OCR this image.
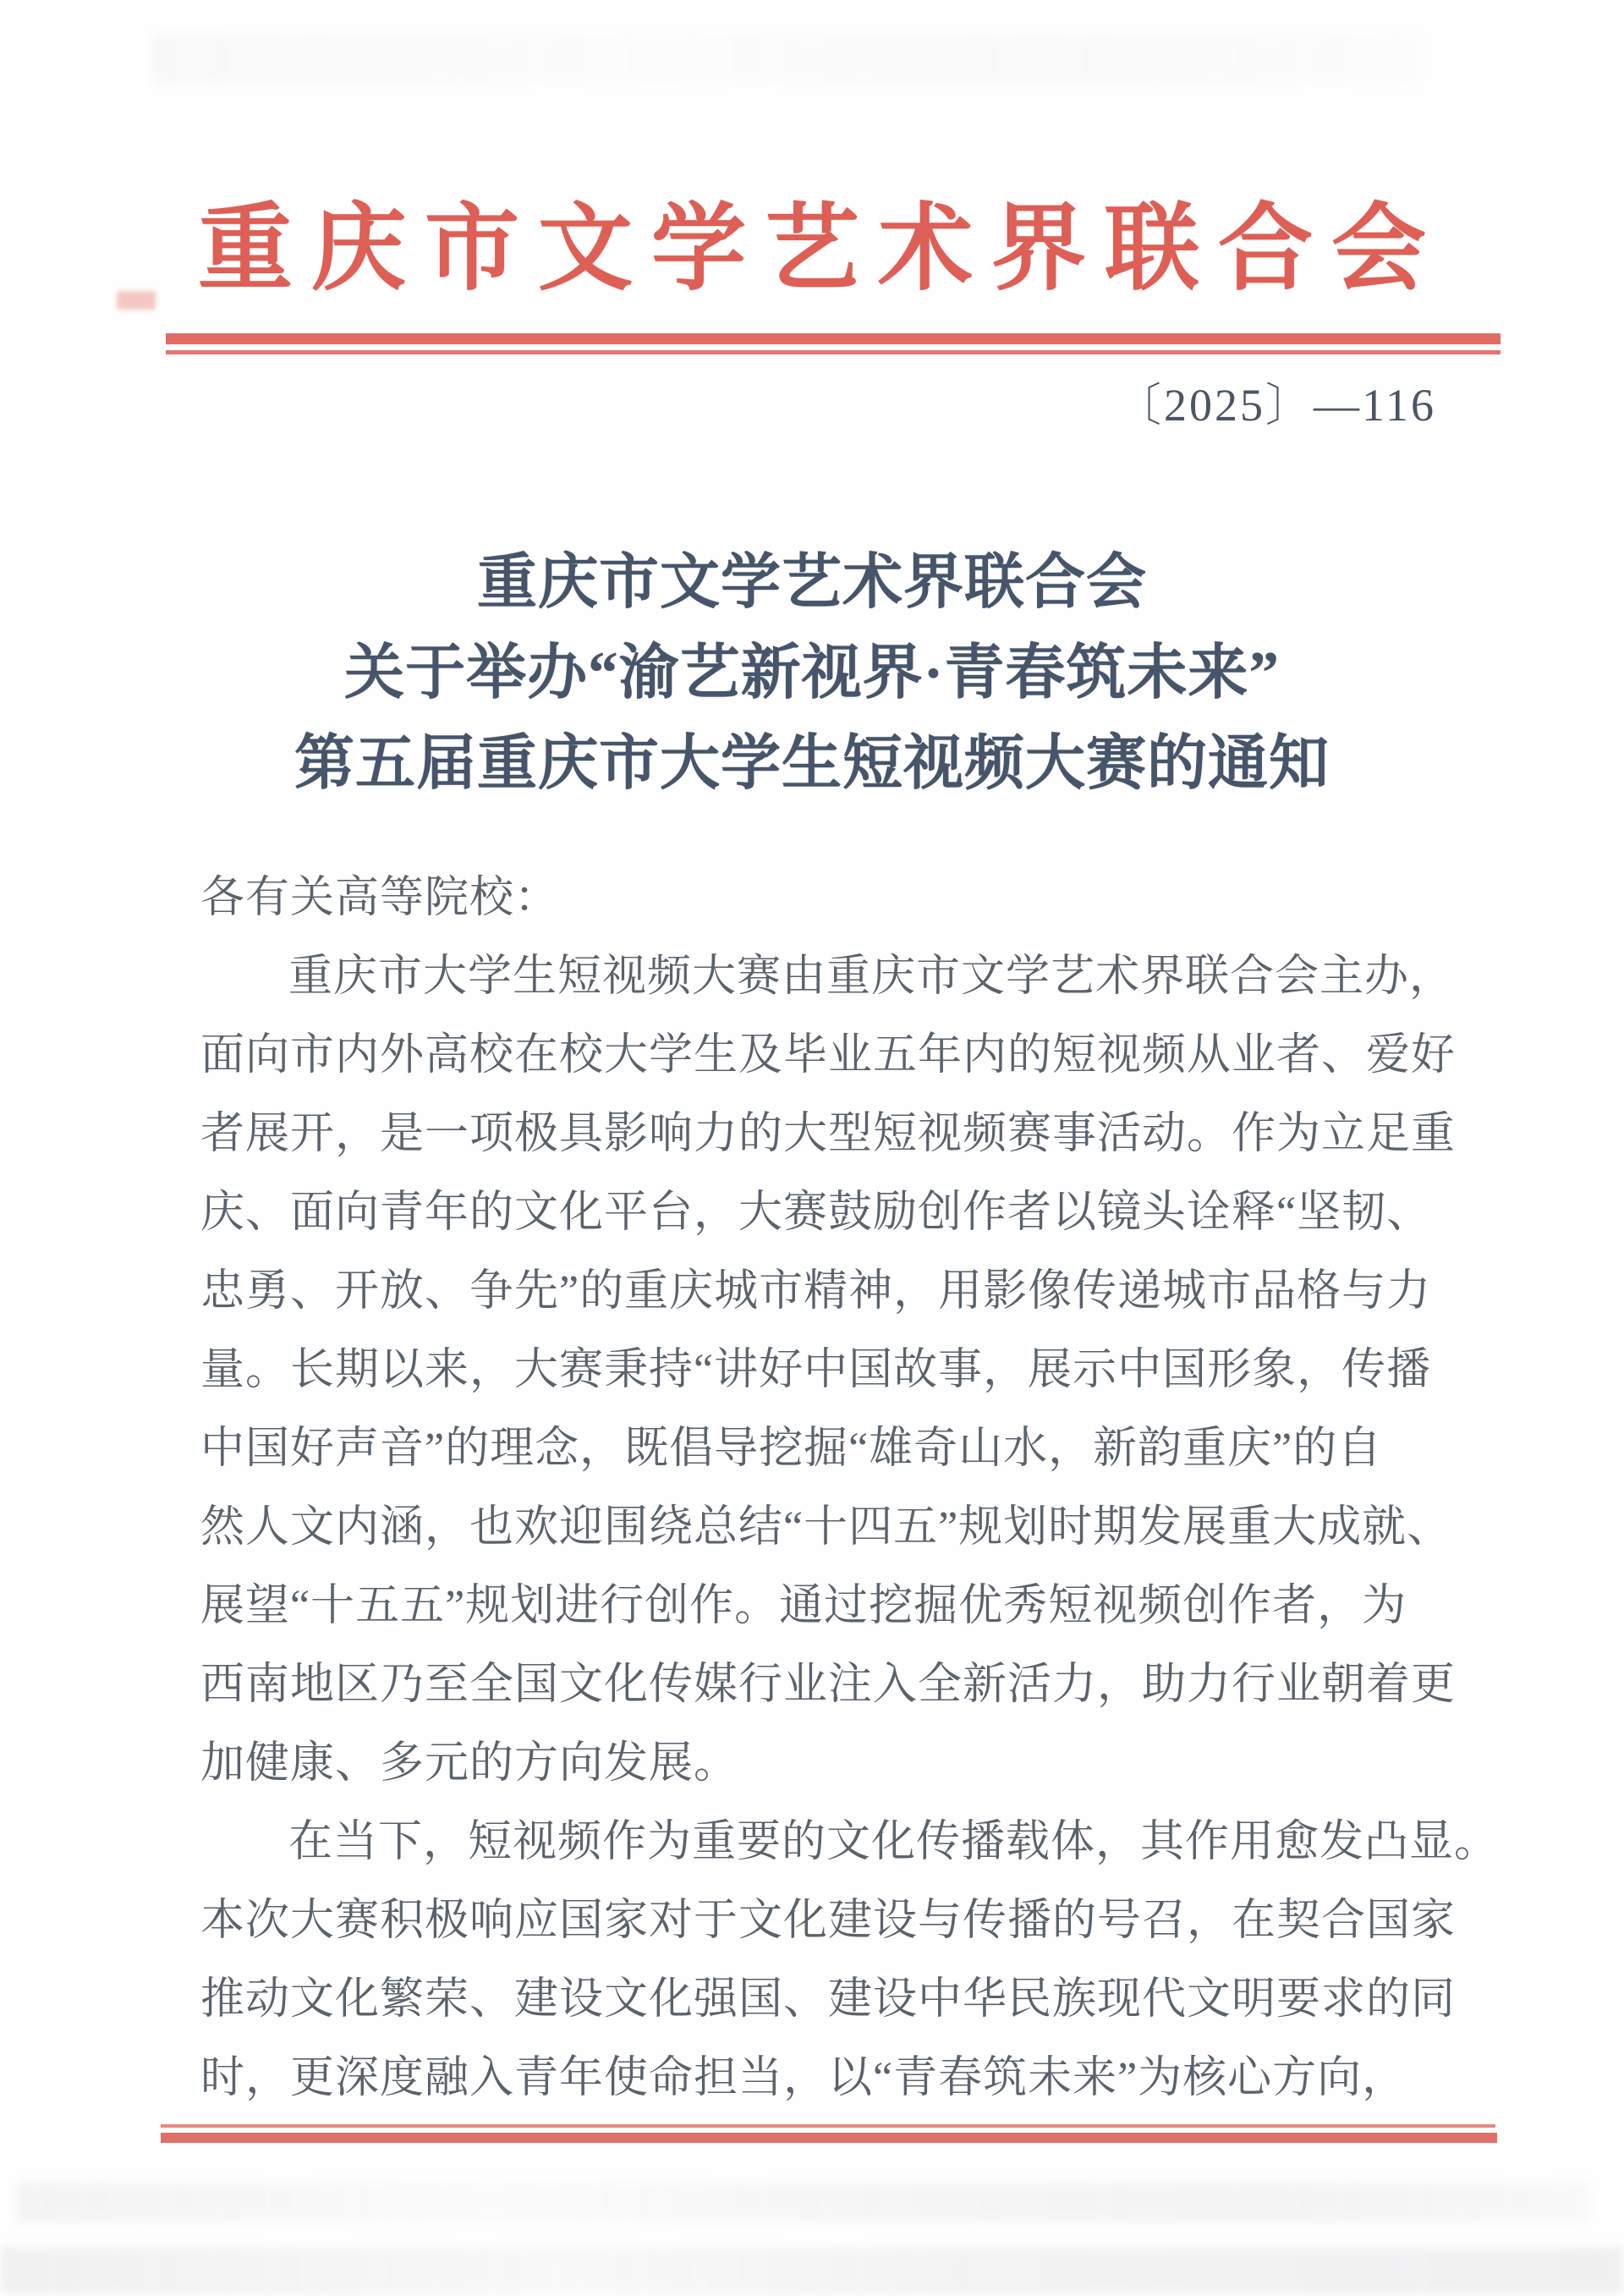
重庆市文学艺术界联合会
〔2025〕—116
重庆市文学艺术界联合会
关于举办“渝艺新视界·青春筑未来”
第五届重庆市大学生短视频大赛的通知
各有关高等院校：
重庆市大学生短视频大赛由重庆市文学艺术界联合会主办，
面向市内外高校在校大学生及毕业五年内的短视频从业者、爱好
者展开，是一项极具影响力的大型短视频赛事活动。作为立足重
庆、面向青年的文化平台，大赛鼓励创作者以镜头诠释“坚韧、
忠勇、开放、争先”的重庆城市精神，用影像传递城市品格与力
量。长期以来，大赛秉持“讲好中国故事，展示中国形象，传播
中国好声音”的理念，既倡导挖掘“雄奇山水，新韵重庆”的自
然人文内涵，也欢迎围绕总结“十四五”规划时期发展重大成就、
展望“十五五”规划进行创作。通过挖掘优秀短视频创作者，为
西南地区乃至全国文化传媒行业注入全新活力，助力行业朝着更
加健康、多元的方向发展。
在当下，短视频作为重要的文化传播载体，其作用愈发凸显。
本次大赛积极响应国家对于文化建设与传播的号召，在契合国家
推动文化繁荣、建设文化强国、建设中华民族现代文明要求的同
时，更深度融入青年使命担当，以“青春筑未来”为核心方向，
